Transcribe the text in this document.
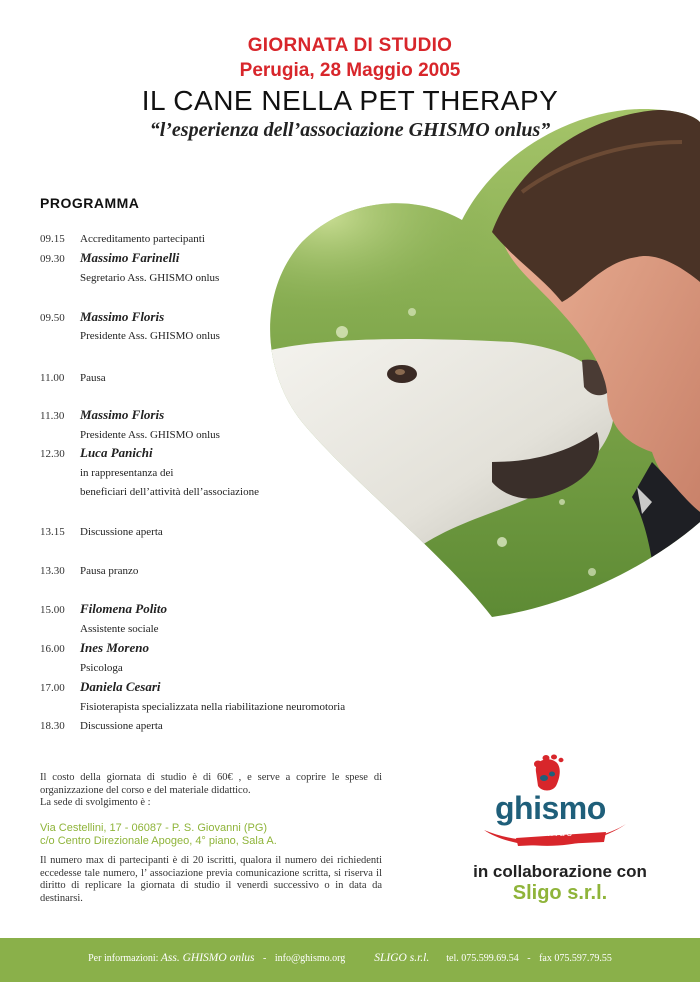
GIORNATA DI STUDIO
Perugia, 28 Maggio 2005
IL CANE NELLA PET THERAPY
“l’esperienza dell’associazione GHISMO onlus”
PROGRAMMA
09.15	Accreditamento partecipanti
09.30	Massimo Farinelli
Segretario Ass. GHISMO onlus
09.50	Massimo Floris
Presidente Ass. GHISMO onlus
11.00	Pausa
11.30	Massimo Floris
Presidente Ass. GHISMO onlus
12.30	Luca Panichi
in rappresentanza dei
beneficiari dell’attività dell’associazione
13.15	Discussione aperta
13.30	Pausa pranzo
15.00	Filomena Polito
Assistente sociale
16.00	Ines Moreno
Psicologa
17.00	Daniela Cesari
Fisioterapista specializzata nella riabilitazione neuromotoria
18.30	Discussione aperta
Il costo della giornata di studio è di 60€ , e serve a coprire le spese di organizzazione del corso e del materiale didattico.
La sede di svolgimento è :
Via Cestellini, 17 - 06087 - P. S. Giovanni (PG)
c/o Centro Direzionale Apogeo, 4° piano, Sala A.
Il numero max di partecipanti è di 20 iscritti, qualora il numero dei richiedenti eccedesse tale numero, l’ associazione previa comunicazione scritta, si riserva il diritto di replicare la giornata di studio il venerdì successivo o in data da destinarsi.
ghismo
onlus
in collaborazione con
Sligo s.r.l.
Per informazioni: Ass. GHISMO onlus - info@ghismo.org	SLIGO s.r.l. tel. 075.599.69.54 - fax 075.597.79.55
